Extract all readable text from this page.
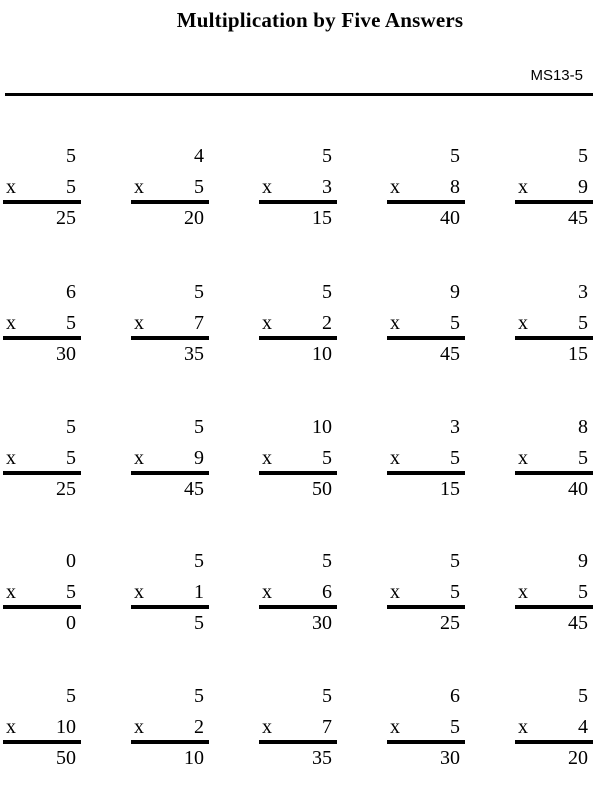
Multiplication by Five Answers
MS13-5
5
x	5
25
4
x	5
20
5
x	3
15
5
x	8
40
5
x	9
45
6
x	5
30
5
x	7
35
5
x	2
10
9
x	5
45
3
x	5
15
5
x	5
25
5
x	9
45
10
x	5
50
3
x	5
15
8
x	5
40
0
x	5
0
5
x	1
5
5
x	6
30
5
x	5
25
9
x	5
45
5
x 10
50
5
x	2
10
5
x	7
35
6
x	5
30
5
x	4
20
